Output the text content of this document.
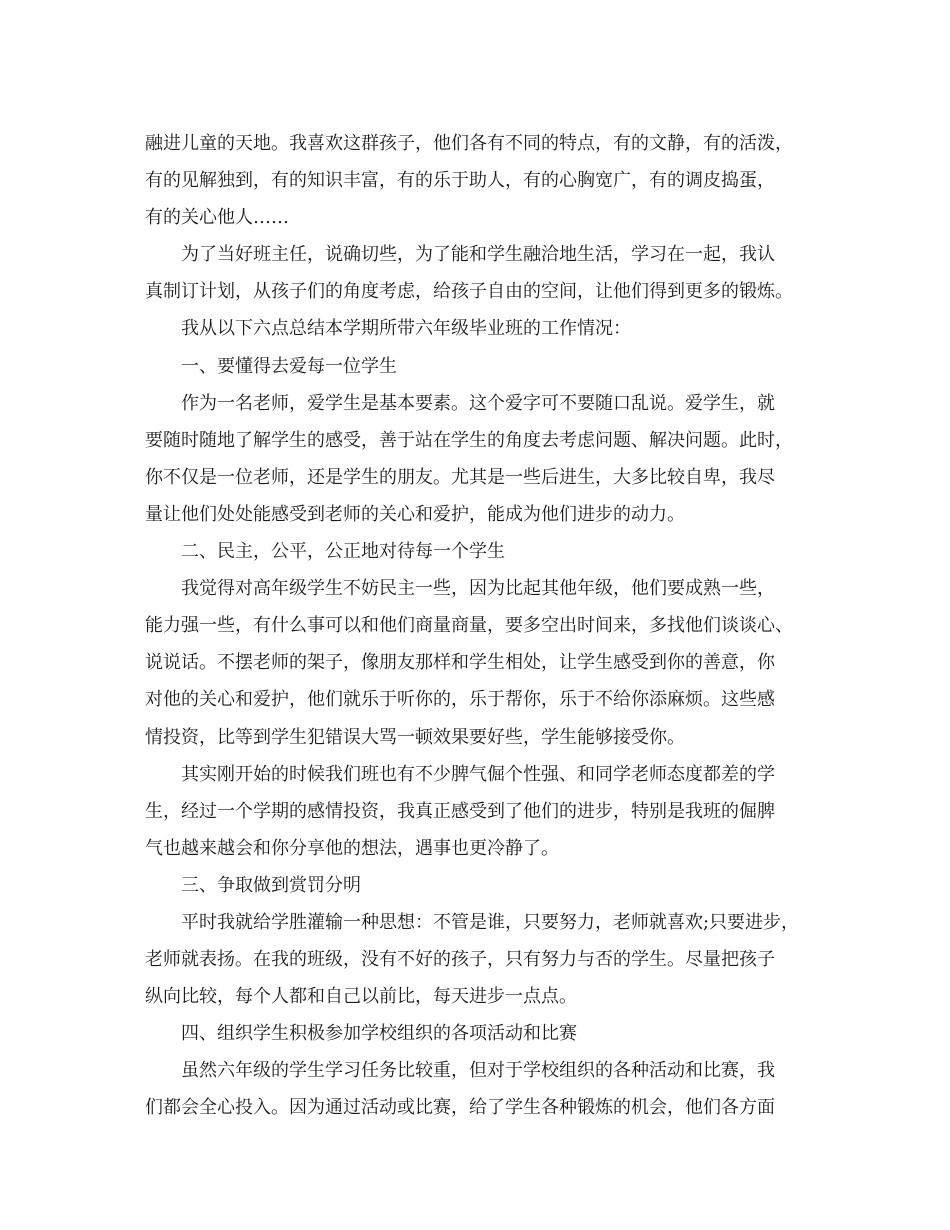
融进儿童的天地。我喜欢这群孩子，他们各有不同的特点，有的文静，有的活泼，
有的见解独到，有的知识丰富，有的乐于助人，有的心胸宽广，有的调皮捣蛋，
有的关心他人……
为了当好班主任，说确切些，为了能和学生融洽地生活，学习在一起，我认
真制订计划，从孩子们的角度考虑，给孩子自由的空间，让他们得到更多的锻炼。
我从以下六点总结本学期所带六年级毕业班的工作情况：
一、要懂得去爱每一位学生
作为一名老师，爱学生是基本要素。这个爱字可不要随口乱说。爱学生，就
要随时随地了解学生的感受，善于站在学生的角度去考虑问题、解决问题。此时，
你不仅是一位老师，还是学生的朋友。尤其是一些后进生，大多比较自卑，我尽
量让他们处处能感受到老师的关心和爱护，能成为他们进步的动力。
二、民主，公平，公正地对待每一个学生
我觉得对高年级学生不妨民主一些，因为比起其他年级，他们要成熟一些，
能力强一些，有什么事可以和他们商量商量，要多空出时间来，多找他们谈谈心、
说说话。不摆老师的架子，像朋友那样和学生相处，让学生感受到你的善意，你
对他的关心和爱护，他们就乐于听你的，乐于帮你，乐于不给你添麻烦。这些感
情投资，比等到学生犯错误大骂一顿效果要好些，学生能够接受你。
其实刚开始的时候我们班也有不少脾气倔个性强、和同学老师态度都差的学
生，经过一个学期的感情投资，我真正感受到了他们的进步，特别是我班的倔脾
气也越来越会和你分享他的想法，遇事也更冷静了。
三、争取做到赏罚分明
平时我就给学胜灌输一种思想：不管是谁，只要努力，老师就喜欢;只要进步，
老师就表扬。在我的班级，没有不好的孩子，只有努力与否的学生。尽量把孩子
纵向比较，每个人都和自己以前比，每天进步一点点。
四、组织学生积极参加学校组织的各项活动和比赛
虽然六年级的学生学习任务比较重，但对于学校组织的各种活动和比赛，我
们都会全心投入。因为通过活动或比赛，给了学生各种锻炼的机会，他们各方面
